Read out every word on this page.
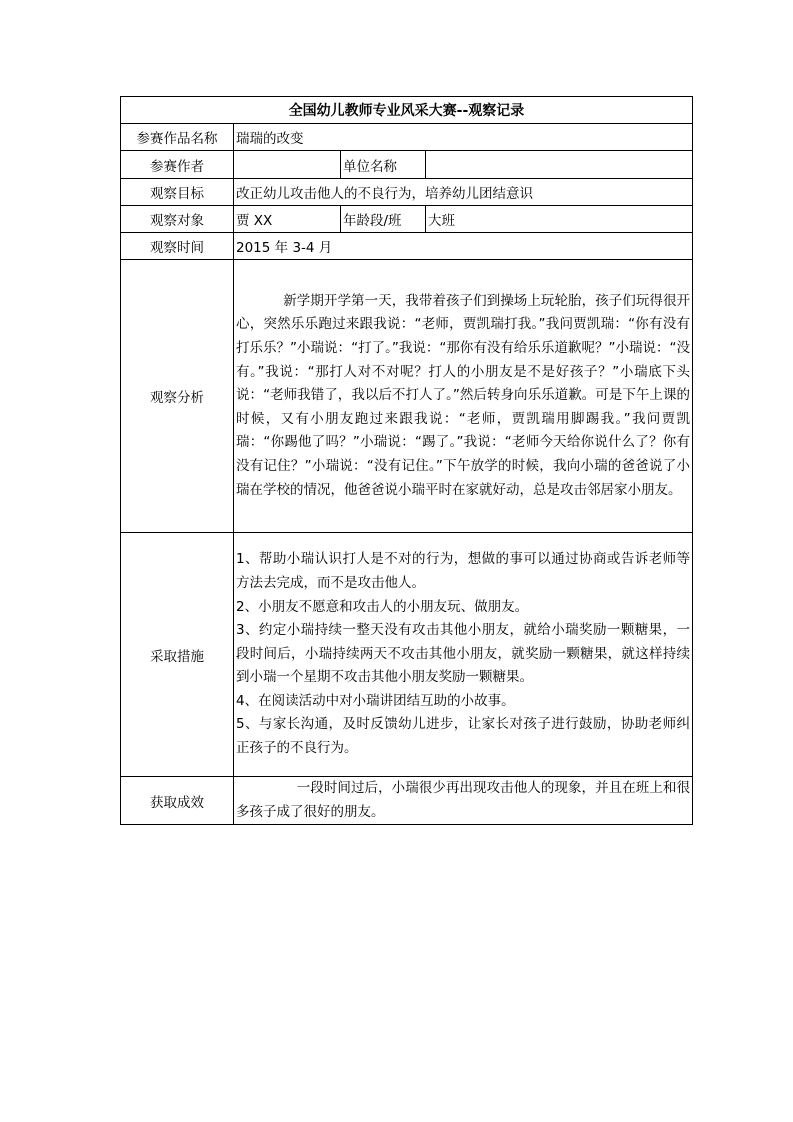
全国幼儿教师专业风采大赛--观察记录			
参赛作品名称	瑞瑞的改变		
参赛作者		单位名称	
观察目标	改正幼儿攻击他人的不良行为，培养幼儿团结意识		
观察对象	贾 XX	年龄段/班	大班
观察时间	2015 年 3-4 月		
观察分析	新学期开学第一天，我带着孩子们到操场上玩轮胎，孩子们玩得很开心，突然乐乐跑过来跟我说：“老师，贾凯瑞打我。”我问贾凯瑞：“你有没有打乐乐？”小瑞说：“打了。”我说：“那你有没有给乐乐道歉呢？”小瑞说：“没有。”我说：“那打人对不对呢？打人的小朋友是不是好孩子？”小瑞底下头说：“老师我错了，我以后不打人了。”然后转身向乐乐道歉。可是下午上课的时候，又有小朋友跑过来跟我说：“老师，贾凯瑞用脚踢我。”我问贾凯瑞：“你踢他了吗？”小瑞说：“踢了。”我说：“老师今天给你说什么了？你有没有记住？”小瑞说：“没有记住。”下午放学的时候，我向小瑞的爸爸说了小瑞在学校的情况，他爸爸说小瑞平时在家就好动，总是攻击邻居家小朋友。		

采取措施	1、帮助小瑞认识打人是不对的行为，想做的事可以通过协商或告诉老师等方法去完成，而不是攻击他人。

2、小朋友不愿意和攻击人的小朋友玩、做朋友。

3、约定小瑞持续一整天没有攻击其他小朋友，就给小瑞奖励一颗糖果，一段时间后，小瑞持续两天不攻击其他小朋友，就奖励一颗糖果，就这样持续到小瑞一个星期不攻击其他小朋友奖励一颗糖果。

4、在阅读活动中对小瑞讲团结互助的小故事。

5、与家长沟通，及时反馈幼儿进步，让家长对孩子进行鼓励，协助老师纠正孩子的不良行为。		

获取成效	一段时间过后，小瑞很少再出现攻击他人的现象，并且在班上和很多孩子成了很好的朋友。		
